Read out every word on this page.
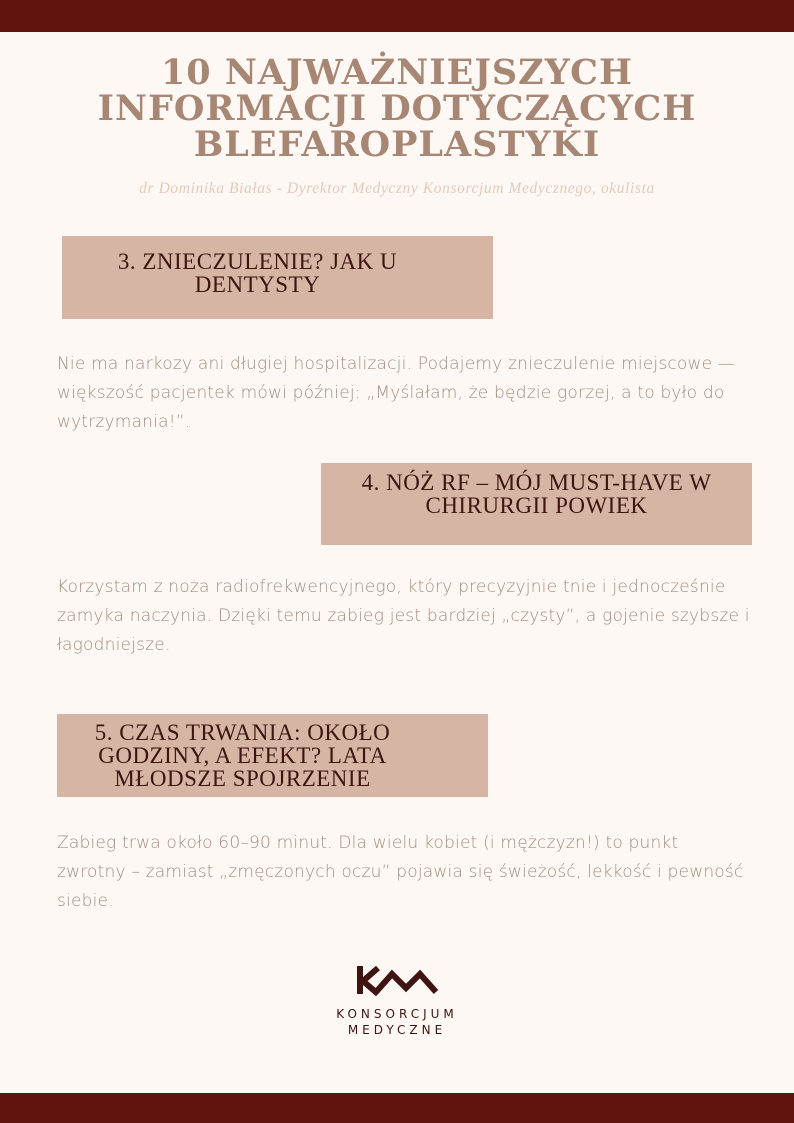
10 NAJWAŻNIEJSZYCH
INFORMACJI DOTYCZĄCYCH
BLEFAROPLASTYKI
dr Dominika Białas - Dyrektor Medyczny Konsorcjum Medycznego, okulista
3. ZNIECZULENIE? JAK U DENTYSTY
Nie ma narkozy ani długiej hospitalizacji. Podajemy znieczulenie miejscowe — większość pacjentek mówi później: „Myślałam, że będzie gorzej, a to było do wytrzymania!”.
4. NÓŻ RF – MÓJ MUST-HAVE W CHIRURGII POWIEK
Korzystam z noża radiofrekwencyjnego, który precyzyjnie tnie i jednocześnie zamyka naczynia. Dzięki temu zabieg jest bardziej „czysty”, a gojenie szybsze i łagodniejsze.
5. CZAS TRWANIA: OKOŁO GODZINY, A EFEKT? LATA MŁODSZE SPOJRZENIE
Zabieg trwa około 60–90 minut. Dla wielu kobiet (i mężczyzn!) to punkt zwrotny – zamiast „zmęczonych oczu” pojawia się świeżość, lekkość i pewność siebie.
KONSORCJUM
MEDYCZNE
